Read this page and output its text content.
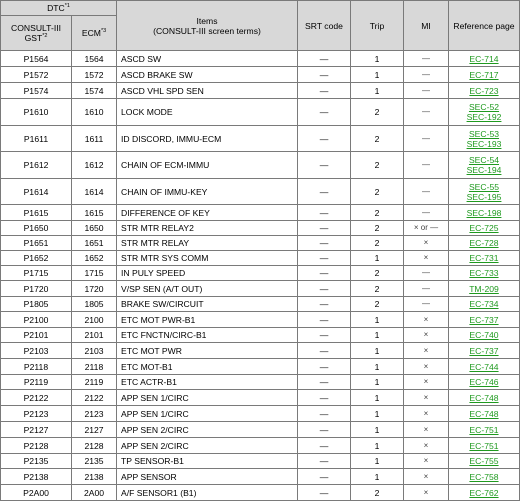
DTC$^{*1}$		Items
(CONSULT-III screen terms)	SRT code	Trip	MI	Reference page

CONSULT-III
GST$^{*2}$	ECM$^{*3}$
P1564	1564	ASCD SW	—	1	—	EC-714

P1572	1572	ASCD BRAKE SW	—	1	—	EC-717

P1574	1574	ASCD VHL SPD SEN	—	1	—	EC-723

P1610	1610	LOCK MODE	—	2	—	SEC-52
SEC-192

P1611	1611	ID DISCORD, IMMU-ECM	—	2	—	SEC-53
SEC-193

P1612	1612	CHAIN OF ECM-IMMU	—	2	—	SEC-54
SEC-194

P1614	1614	CHAIN OF IMMU-KEY	—	2	—	SEC-55
SEC-195

P1615	1615	DIFFERENCE OF KEY	—	2	—	SEC-198

P1650	1650	STR MTR RELAY2	—	2	× or —	EC-725

P1651	1651	STR MTR RELAY	—	2	×	EC-728

P1652	1652	STR MTR SYS COMM	—	1	×	EC-731

P1715	1715	IN PULY SPEED	—	2	—	EC-733

P1720	1720	V/SP SEN (A/T OUT)	—	2	—	TM-209

P1805	1805	BRAKE SW/CIRCUIT	—	2	—	EC-734

P2100	2100	ETC MOT PWR-B1	—	1	×	EC-737

P2101	2101	ETC FNCTN/CIRC-B1	—	1	×	EC-740

P2103	2103	ETC MOT PWR	—	1	×	EC-737

P2118	2118	ETC MOT-B1	—	1	×	EC-744

P2119	2119	ETC ACTR-B1	—	1	×	EC-746

P2122	2122	APP SEN 1/CIRC	—	1	×	EC-748

P2123	2123	APP SEN 1/CIRC	—	1	×	EC-748

P2127	2127	APP SEN 2/CIRC	—	1	×	EC-751

P2128	2128	APP SEN 2/CIRC	—	1	×	EC-751

P2135	2135	TP SENSOR-B1	—	1	×	EC-755

P2138	2138	APP SENSOR	—	1	×	EC-758

P2A00	2A00	A/F SENSOR1 (B1)	—	2	×	EC-762
